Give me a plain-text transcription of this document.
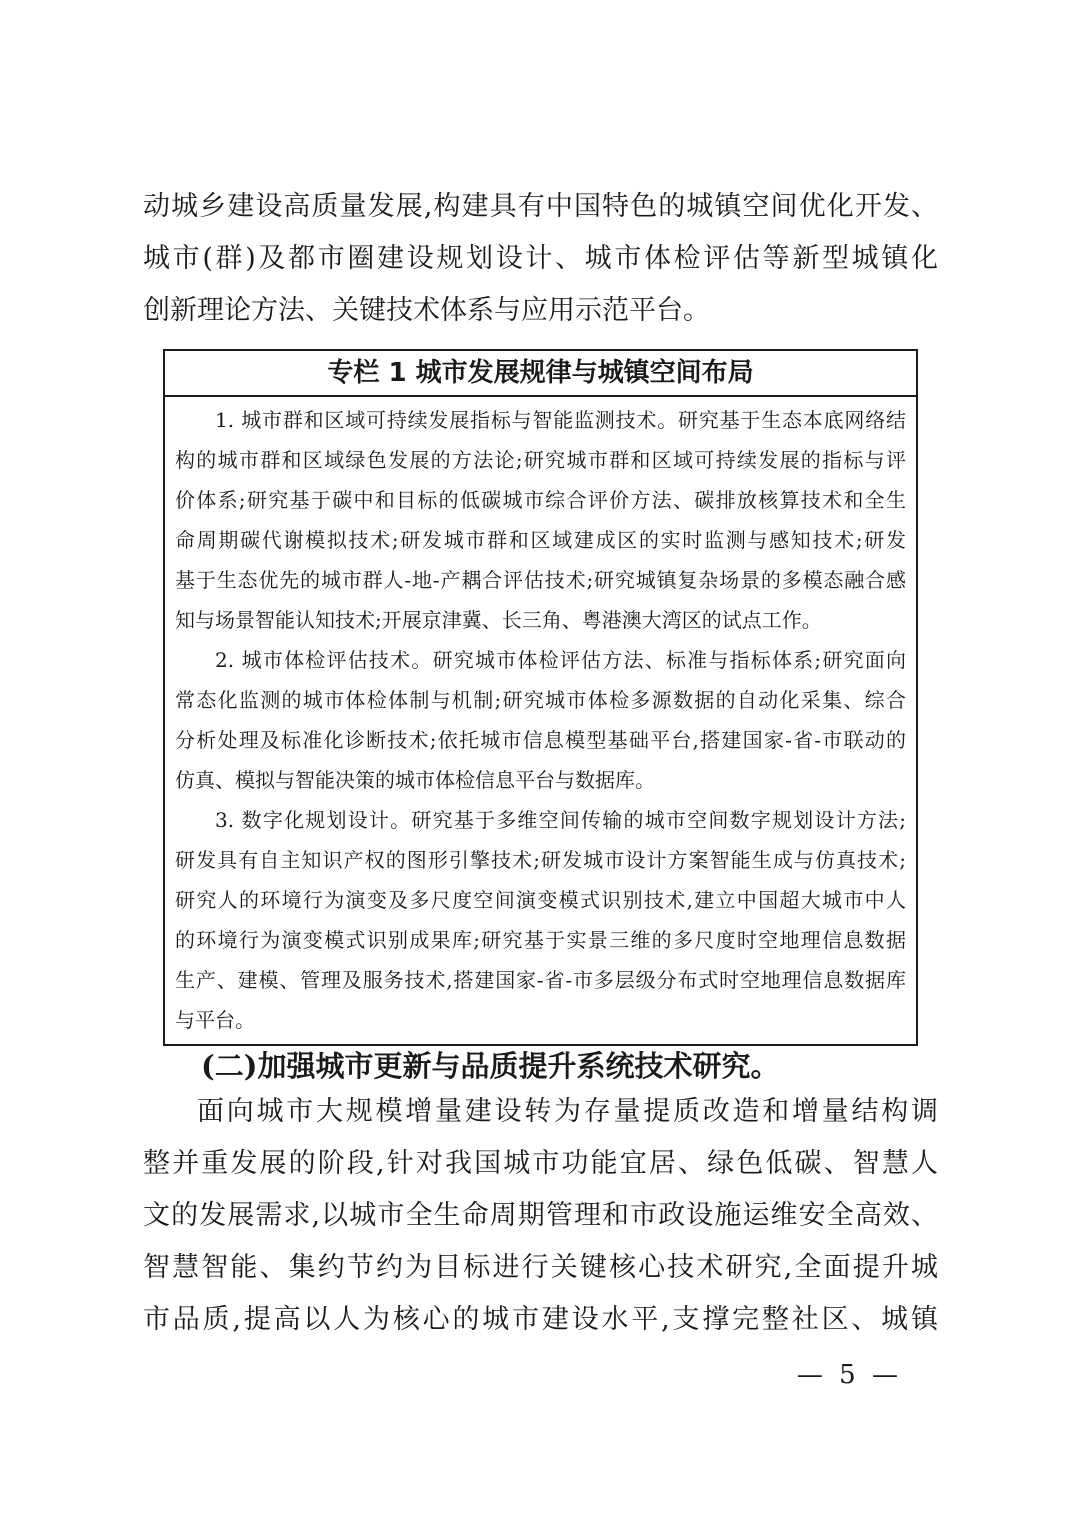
动城乡建设高质量发展,构建具有中国特色的城镇空间优化开发、
城市(群)及都市圈建设规划设计、城市体检评估等新型城镇化
创新理论方法、关键技术体系与应用示范平台。
专栏 1 城市发展规律与城镇空间布局
1. 城市群和区域可持续发展指标与智能监测技术。研究基于生态本底网络结
构的城市群和区域绿色发展的方法论;研究城市群和区域可持续发展的指标与评
价体系;研究基于碳中和目标的低碳城市综合评价方法、碳排放核算技术和全生
命周期碳代谢模拟技术;研发城市群和区域建成区的实时监测与感知技术;研发
基于生态优先的城市群人-地-产耦合评估技术;研究城镇复杂场景的多模态融合感
知与场景智能认知技术;开展京津冀、长三角、粤港澳大湾区的试点工作。
2. 城市体检评估技术。研究城市体检评估方法、标准与指标体系;研究面向
常态化监测的城市体检体制与机制;研究城市体检多源数据的自动化采集、综合
分析处理及标准化诊断技术;依托城市信息模型基础平台,搭建国家-省-市联动的
仿真、模拟与智能决策的城市体检信息平台与数据库。
3. 数字化规划设计。研究基于多维空间传输的城市空间数字规划设计方法;
研发具有自主知识产权的图形引擎技术;研发城市设计方案智能生成与仿真技术;
研究人的环境行为演变及多尺度空间演变模式识别技术,建立中国超大城市中人
的环境行为演变模式识别成果库;研究基于实景三维的多尺度时空地理信息数据
生产、建模、管理及服务技术,搭建国家-省-市多层级分布式时空地理信息数据库
与平台。
(二)加强城市更新与品质提升系统技术研究。
面向城市大规模增量建设转为存量提质改造和增量结构调
整并重发展的阶段,针对我国城市功能宜居、绿色低碳、智慧人
文的发展需求,以城市全生命周期管理和市政设施运维安全高效、
智慧智能、集约节约为目标进行关键核心技术研究,全面提升城
市品质,提高以人为核心的城市建设水平,支撑完整社区、城镇
— 5 —
